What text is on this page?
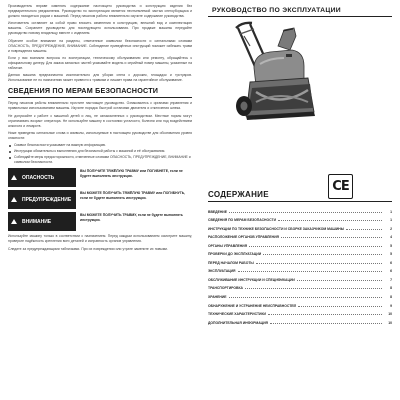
Производитель вправе изменять содержание настоящего руководства и конструкцию изделия без предварительного уведомления. Руководство по эксплуатации является неотъемлемой частью снегоуборщика и должно находиться рядом с машиной. Перед началом работы внимательно изучите содержание руководства.

Изготовитель оставляет за собой право вносить изменения в конструкцию, внешний вид и комплектацию машины. Сохраните руководство для последующего использования. При продаже машины передайте руководство новому владельцу вместе с изделием.

Обратите особое внимание на разделы, отмеченные символом безопасности и сигнальными словами ОПАСНОСТЬ, ПРЕДУПРЕЖДЕНИЕ, ВНИМАНИЕ. Соблюдение приведённых инструкций поможет избежать травм и повреждения машины.

Если у вас возникли вопросы по эксплуатации, техническому обслуживанию или ремонту, обращайтесь к официальному дилеру. Для заказа запасных частей указывайте модель и серийный номер машины, указанные на табличке.

Данная машина предназначена исключительно для уборки снега с дорожек, площадок и тротуаров. Использование не по назначению может привести к травмам и лишает права на гарантийное обслуживание.

СВЕДЕНИЯ ПО МЕРАМ БЕЗОПАСНОСТИ

Перед началом работы внимательно прочтите настоящее руководство. Ознакомьтесь с органами управления и правильным использованием машины. Изучите порядок быстрой остановки двигателя и отключения шнека.

Не допускайте к работе с машиной детей и лиц, не ознакомленных с руководством. Местные нормы могут ограничивать возраст оператора. Не используйте машину в состоянии усталости, болезни или под воздействием алкоголя и лекарств.

Ниже приведены сигнальные слова и символы, используемые в настоящем руководстве для обозначения уровня опасности:

Символ безопасности указывает на важную информацию.
Инструкции обязательны к выполнению для безопасной работы с машиной и её обслуживания.
Соблюдайте меры предосторожности, отмеченные словами ОПАСНОСТЬ, ПРЕДУПРЕЖДЕНИЕ, ВНИМАНИЕ и символом безопасности.
ОПАСНОСТЬ
ВЫ ПОЛУЧИТЕ ТЯЖЁЛУЮ ТРАВМУ или ПОГИБНЕТЕ, если не будете выполнять инструкции.
ПРЕДУПРЕЖДЕНИЕ
ВЫ МОЖЕТЕ ПОЛУЧИТЬ ТЯЖЁЛУЮ ТРАВМУ или ПОГИБНУТЬ, если не будете выполнять инструкции.
ВНИМАНИЕ
ВЫ МОЖЕТЕ ПОЛУЧИТЬ ТРАВМУ, если не будете выполнять инструкции.

Используйте машину только в соответствии с назначением. Перед каждым использованием осмотрите машину, проверьте надёжность крепления всех деталей и исправность органов управления.

Следите за предупреждающими табличками. При их повреждении или утрате замените их новыми.

РУКОВОДСТВО ПО ЭКСПЛУАТАЦИИ
CE
СОДЕРЖАНИЕ
ВВЕДЕНИЕ	1
СВЕДЕНИЯ ПО МЕРАМ БЕЗОПАСНОСТИ	1
ИНСТРУКЦИИ ПО ТЕХНИКЕ БЕЗОПАСНОСТИ И СБОРКЕ ЗАКАЗЧИКОМ МАШИНЫ	2
РАСПОЛОЖЕНИЕ ОРГАНОВ УПРАВЛЕНИЯ	4
ОРГАНЫ УПРАВЛЕНИЯ	5
ПРОВЕРКИ ДО ЭКСПЛУАТАЦИИ	5
ПЕРЕД НАЧАЛОМ РАБОТЫ	6
ЭКСПЛУАТАЦИЯ	6
ОБСЛУЖИВАНИЕ ИНСТРУКЦИИ И СПЕЦИФИКАЦИИ	7
ТРАНСПОРТИРОВКА	8
ХРАНЕНИЕ	8
ОБНАРУЖЕНИЕ И УСТРАНЕНИЕ НЕИСПРАВНОСТЕЙ	9
ТЕХНИЧЕСКИЕ ХАРАКТЕРИСТИКИ	10
ДОПОЛНИТЕЛЬНАЯ ИНФОРМАЦИЯ	10
